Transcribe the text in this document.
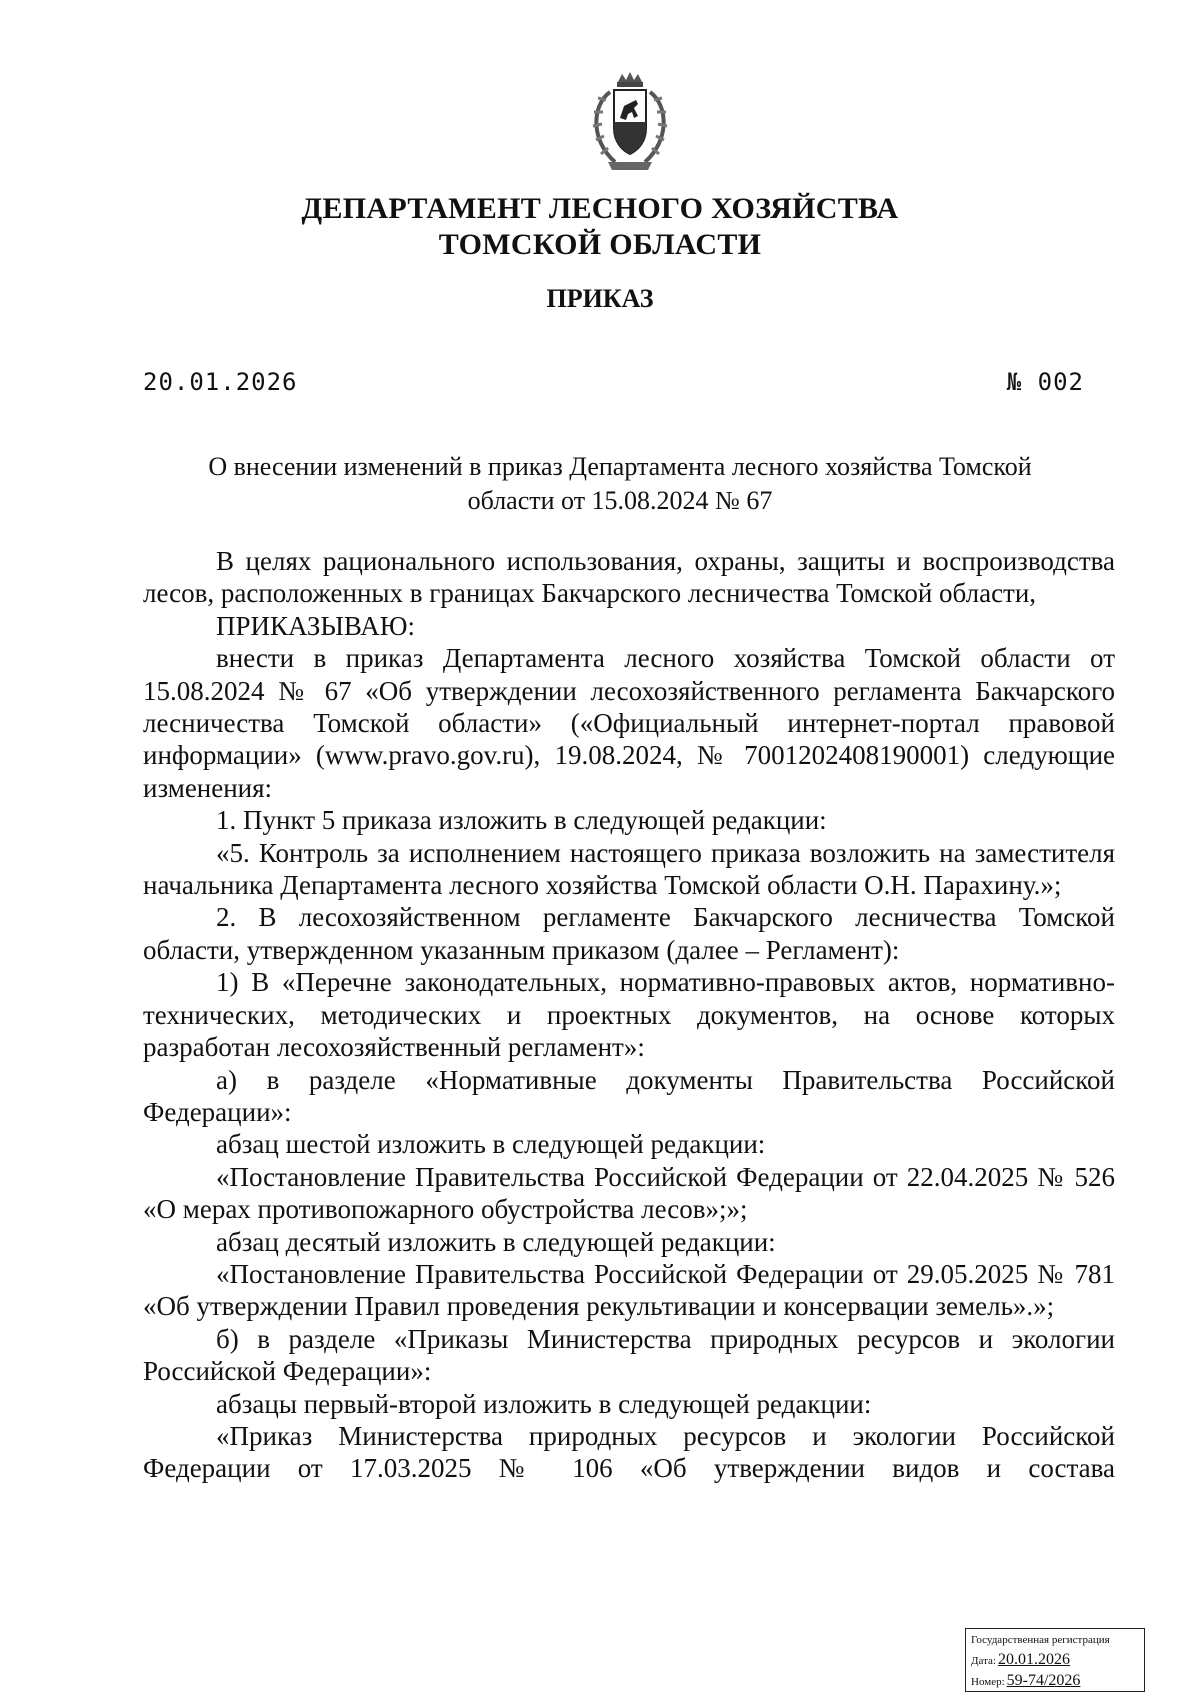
ДЕПАРТАМЕНТ ЛЕСНОГО ХОЗЯЙСТВА
ТОМСКОЙ ОБЛАСТИ
ПРИКАЗ
20.01.2026	№ 002
О внесении изменений в приказ Департамента лесного хозяйства Томской
области от 15.08.2024 № 67

В целях рационального использования, охраны, защиты и воспроизводства лесов, расположенных в границах Бакчарского лесничества Томской области,

ПРИКАЗЫВАЮ:

внести в приказ Департамента лесного хозяйства Томской области от 15.08.2024 № 67 «Об утверждении лесохозяйственного регламента Бакчарского лесничества Томской области» («Официальный интернет-портал правовой информации» (www.pravo.gov.ru), 19.08.2024, № 7001202408190001) следующие изменения:

1. Пункт 5 приказа изложить в следующей редакции:

«5. Контроль за исполнением настоящего приказа возложить на заместителя начальника Департамента лесного хозяйства Томской области О.Н. Парахину.»;

2. В лесохозяйственном регламенте Бакчарского лесничества Томской области, утвержденном указанным приказом (далее – Регламент):

1) В «Перечне законодательных, нормативно-правовых актов, нормативно-технических, методических и проектных документов, на основе которых разработан лесохозяйственный регламент»:

а) в разделе «Нормативные документы Правительства Российской Федерации»:

абзац шестой изложить в следующей редакции:

«Постановление Правительства Российской Федерации от 22.04.2025 № 526 «О мерах противопожарного обустройства лесов»;»;

абзац десятый изложить в следующей редакции:

«Постановление Правительства Российской Федерации от 29.05.2025 № 781 «Об утверждении Правил проведения рекультивации и консервации земель».»;

б) в разделе «Приказы Министерства природных ресурсов и экологии Российской Федерации»:

абзацы первый-второй изложить в следующей редакции:

«Приказ Министерства природных ресурсов и экологии Российской Федерации от 17.03.2025 № 106 «Об утверждении видов и состава

Государственная регистрация
Дата: 20.01.2026
Номер: 59-74/2026
